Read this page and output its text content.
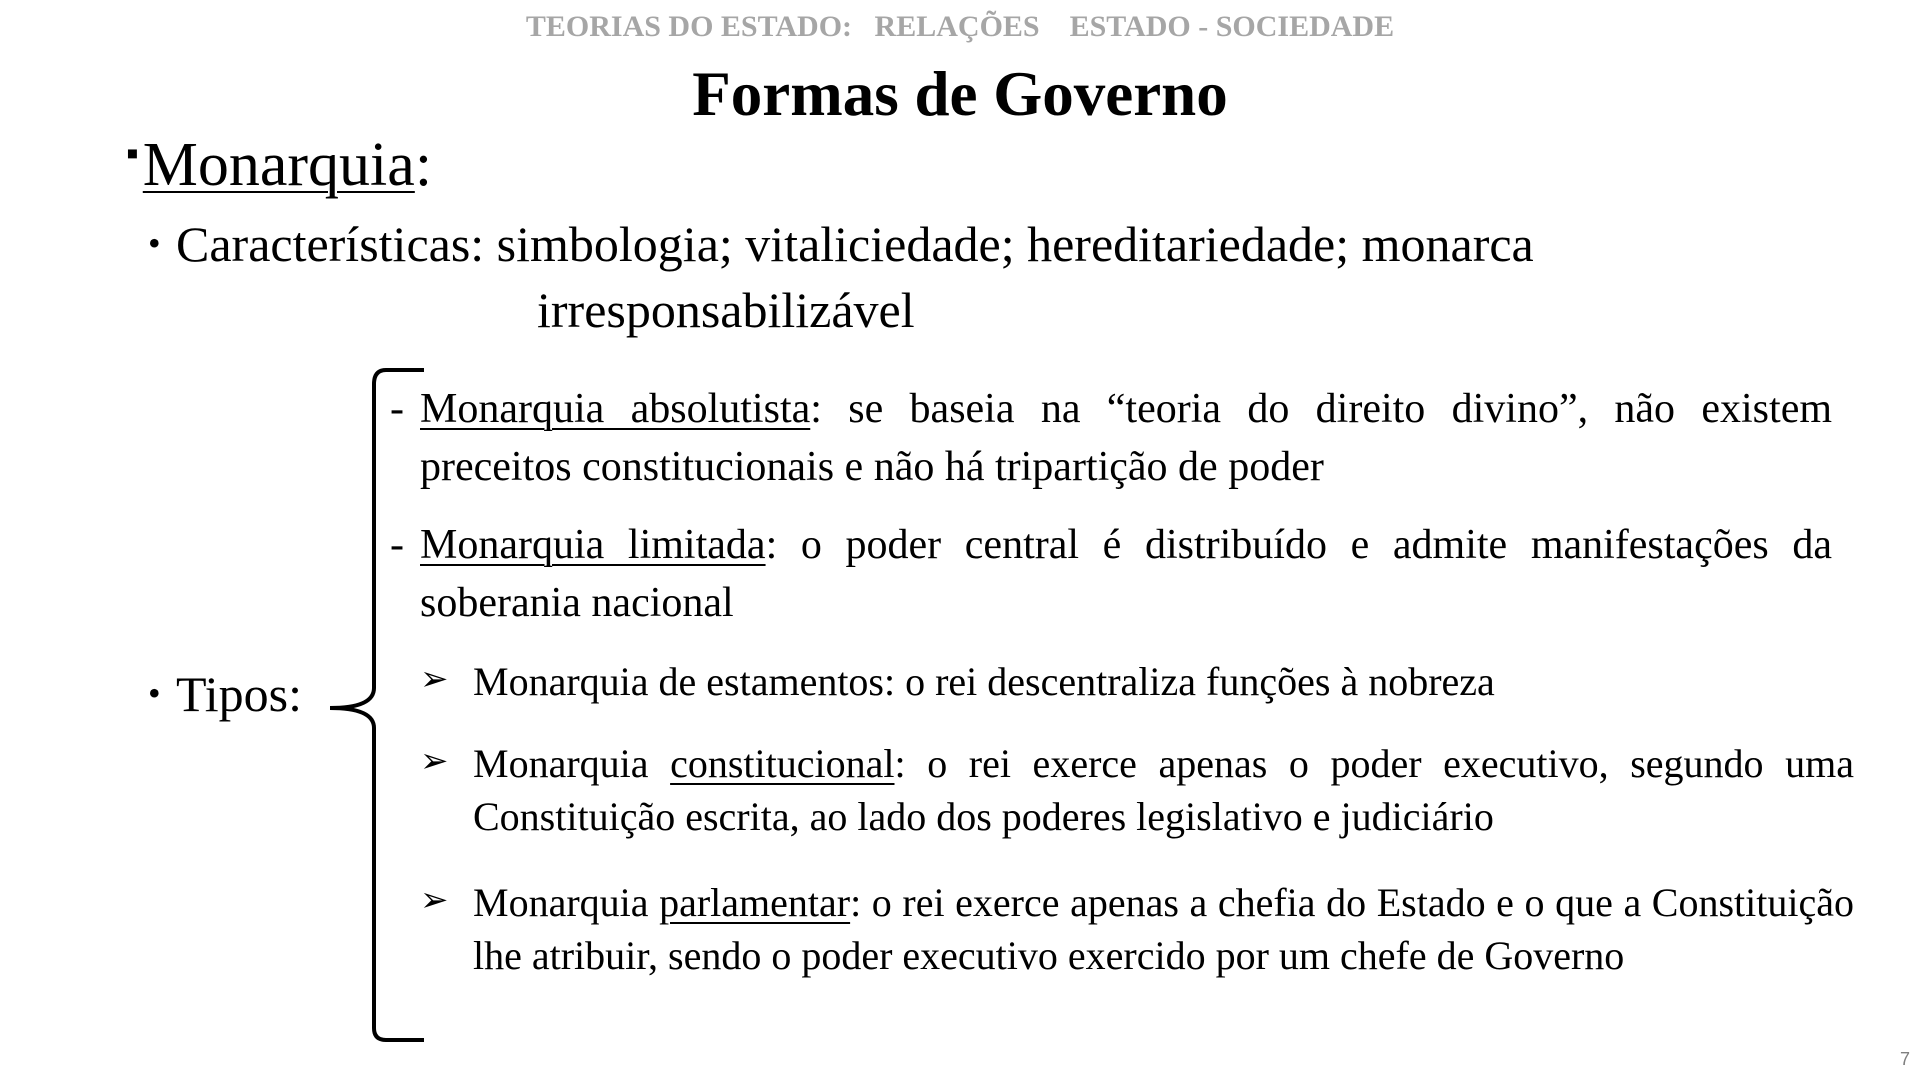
TEORIAS DO ESTADO:   RELAÇÕES    ESTADO - SOCIEDADE
Formas de Governo
▪Monarquia:
• Características: simbologia; vitaliciedade; hereditariedade; monarca
irresponsabilizável
• Tipos:
- Monarquia absolutista: se baseia na “teoria do direito divino”, não existem preceitos constitucionais e não há tripartição de poder
- Monarquia limitada: o poder central é distribuído e admite manifestações da soberania nacional
➢ Monarquia de estamentos: o rei descentraliza funções à nobreza
➢ Monarquia constitucional: o rei exerce apenas o poder executivo, segundo uma Constituição escrita, ao lado dos poderes legislativo e judiciário
➢ Monarquia parlamentar: o rei exerce apenas a chefia do Estado e o que a Constituição lhe atribuir, sendo o poder executivo exercido por um chefe de Governo
7
